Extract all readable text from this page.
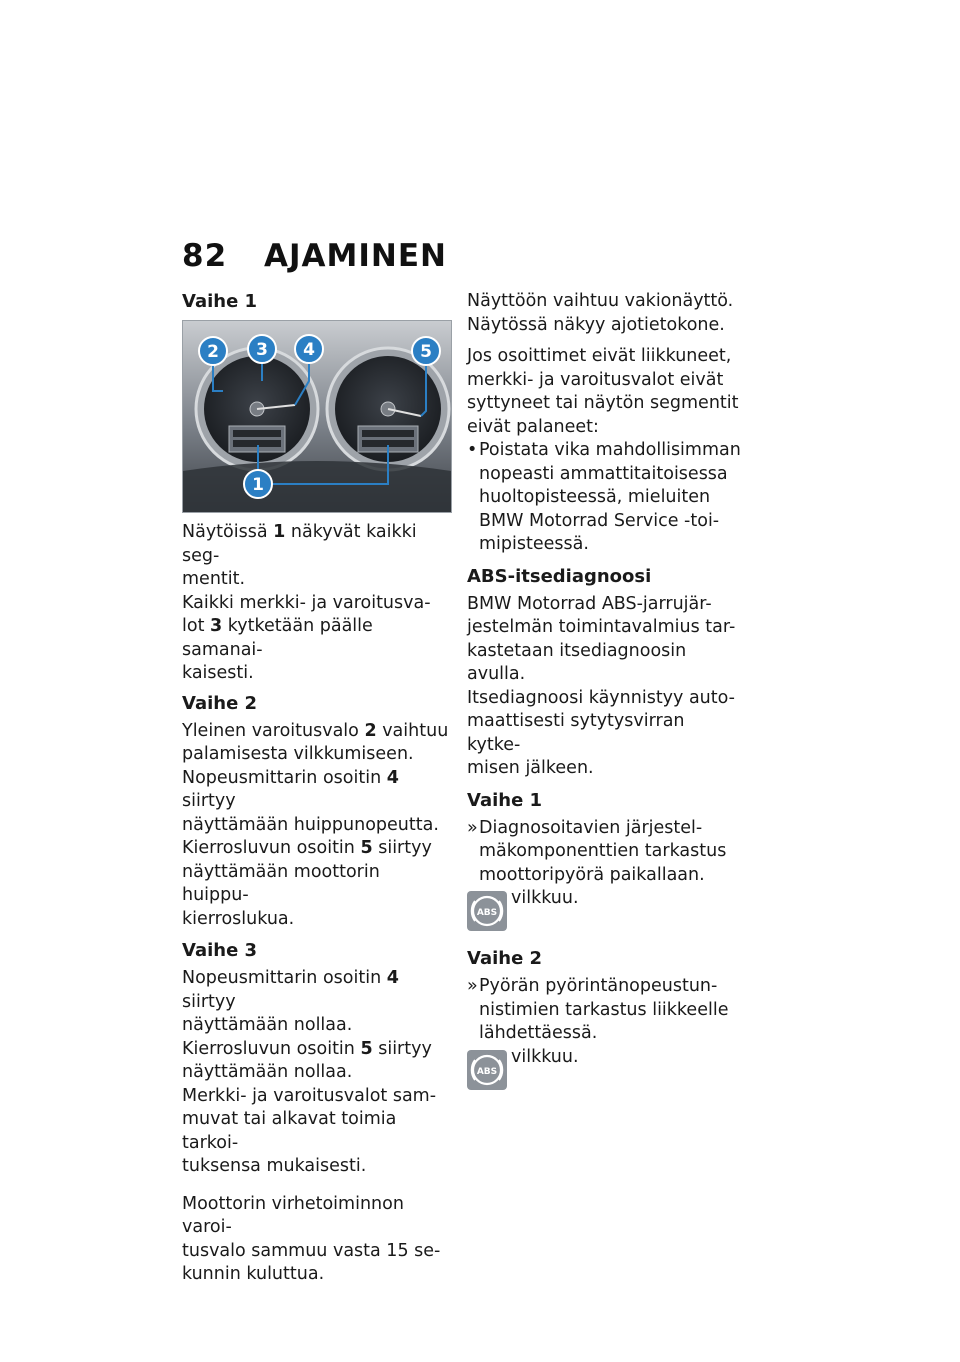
82 AJAMINEN
Vaihe 1
2 3 4	5
1
Näytöissä 1 näkyvät kaikki seg-
mentit.
Kaikki merkki- ja varoitusva-
lot 3 kytketään päälle samanai-
kaisesti.
Vaihe 2
Yleinen varoitusvalo 2 vaihtuu
palamisesta vilkkumiseen.
Nopeusmittarin osoitin 4 siirtyy
näyttämään huippunopeutta.
Kierrosluvun osoitin 5 siirtyy
näyttämään moottorin huippu-
kierroslukua.
Vaihe 3
Nopeusmittarin osoitin 4 siirtyy
näyttämään nollaa.
Kierrosluvun osoitin 5 siirtyy
näyttämään nollaa.
Merkki- ja varoitusvalot sam-
muvat tai alkavat toimia tarkoi-
tuksensa mukaisesti.
Moottorin virhetoiminnon varoi-
tusvalo sammuu vasta 15 se-
kunnin kuluttua.
Näyttöön vaihtuu vakionäyttö.
Näytössä näkyy ajotietokone.
Jos osoittimet eivät liikkuneet,
merkki- ja varoitusvalot eivät
syttyneet tai näytön segmentit
eivät palaneet:
• Poistata vika mahdollisimman
nopeasti ammattitaitoisessa
huoltopisteessä, mieluiten
BMW Motorrad Service -toi-
mipisteessä.
ABS-itsediagnoosi
BMW Motorrad ABS-jarrujär-
jestelmän toimintavalmius tar-
kastetaan itsediagnoosin avulla.
Itsediagnoosi käynnistyy auto-
maattisesti sytytysvirran kytke-
misen jälkeen.
Vaihe 1
» Diagnosoitavien järjestel-
mäkomponenttien tarkastus
moottoripyörä paikallaan.
ABS
vilkkuu.
Vaihe 2
» Pyörän pyörintänopeustun-
nistimien tarkastus liikkeelle
lähdettäessä.
ABS
vilkkuu.
